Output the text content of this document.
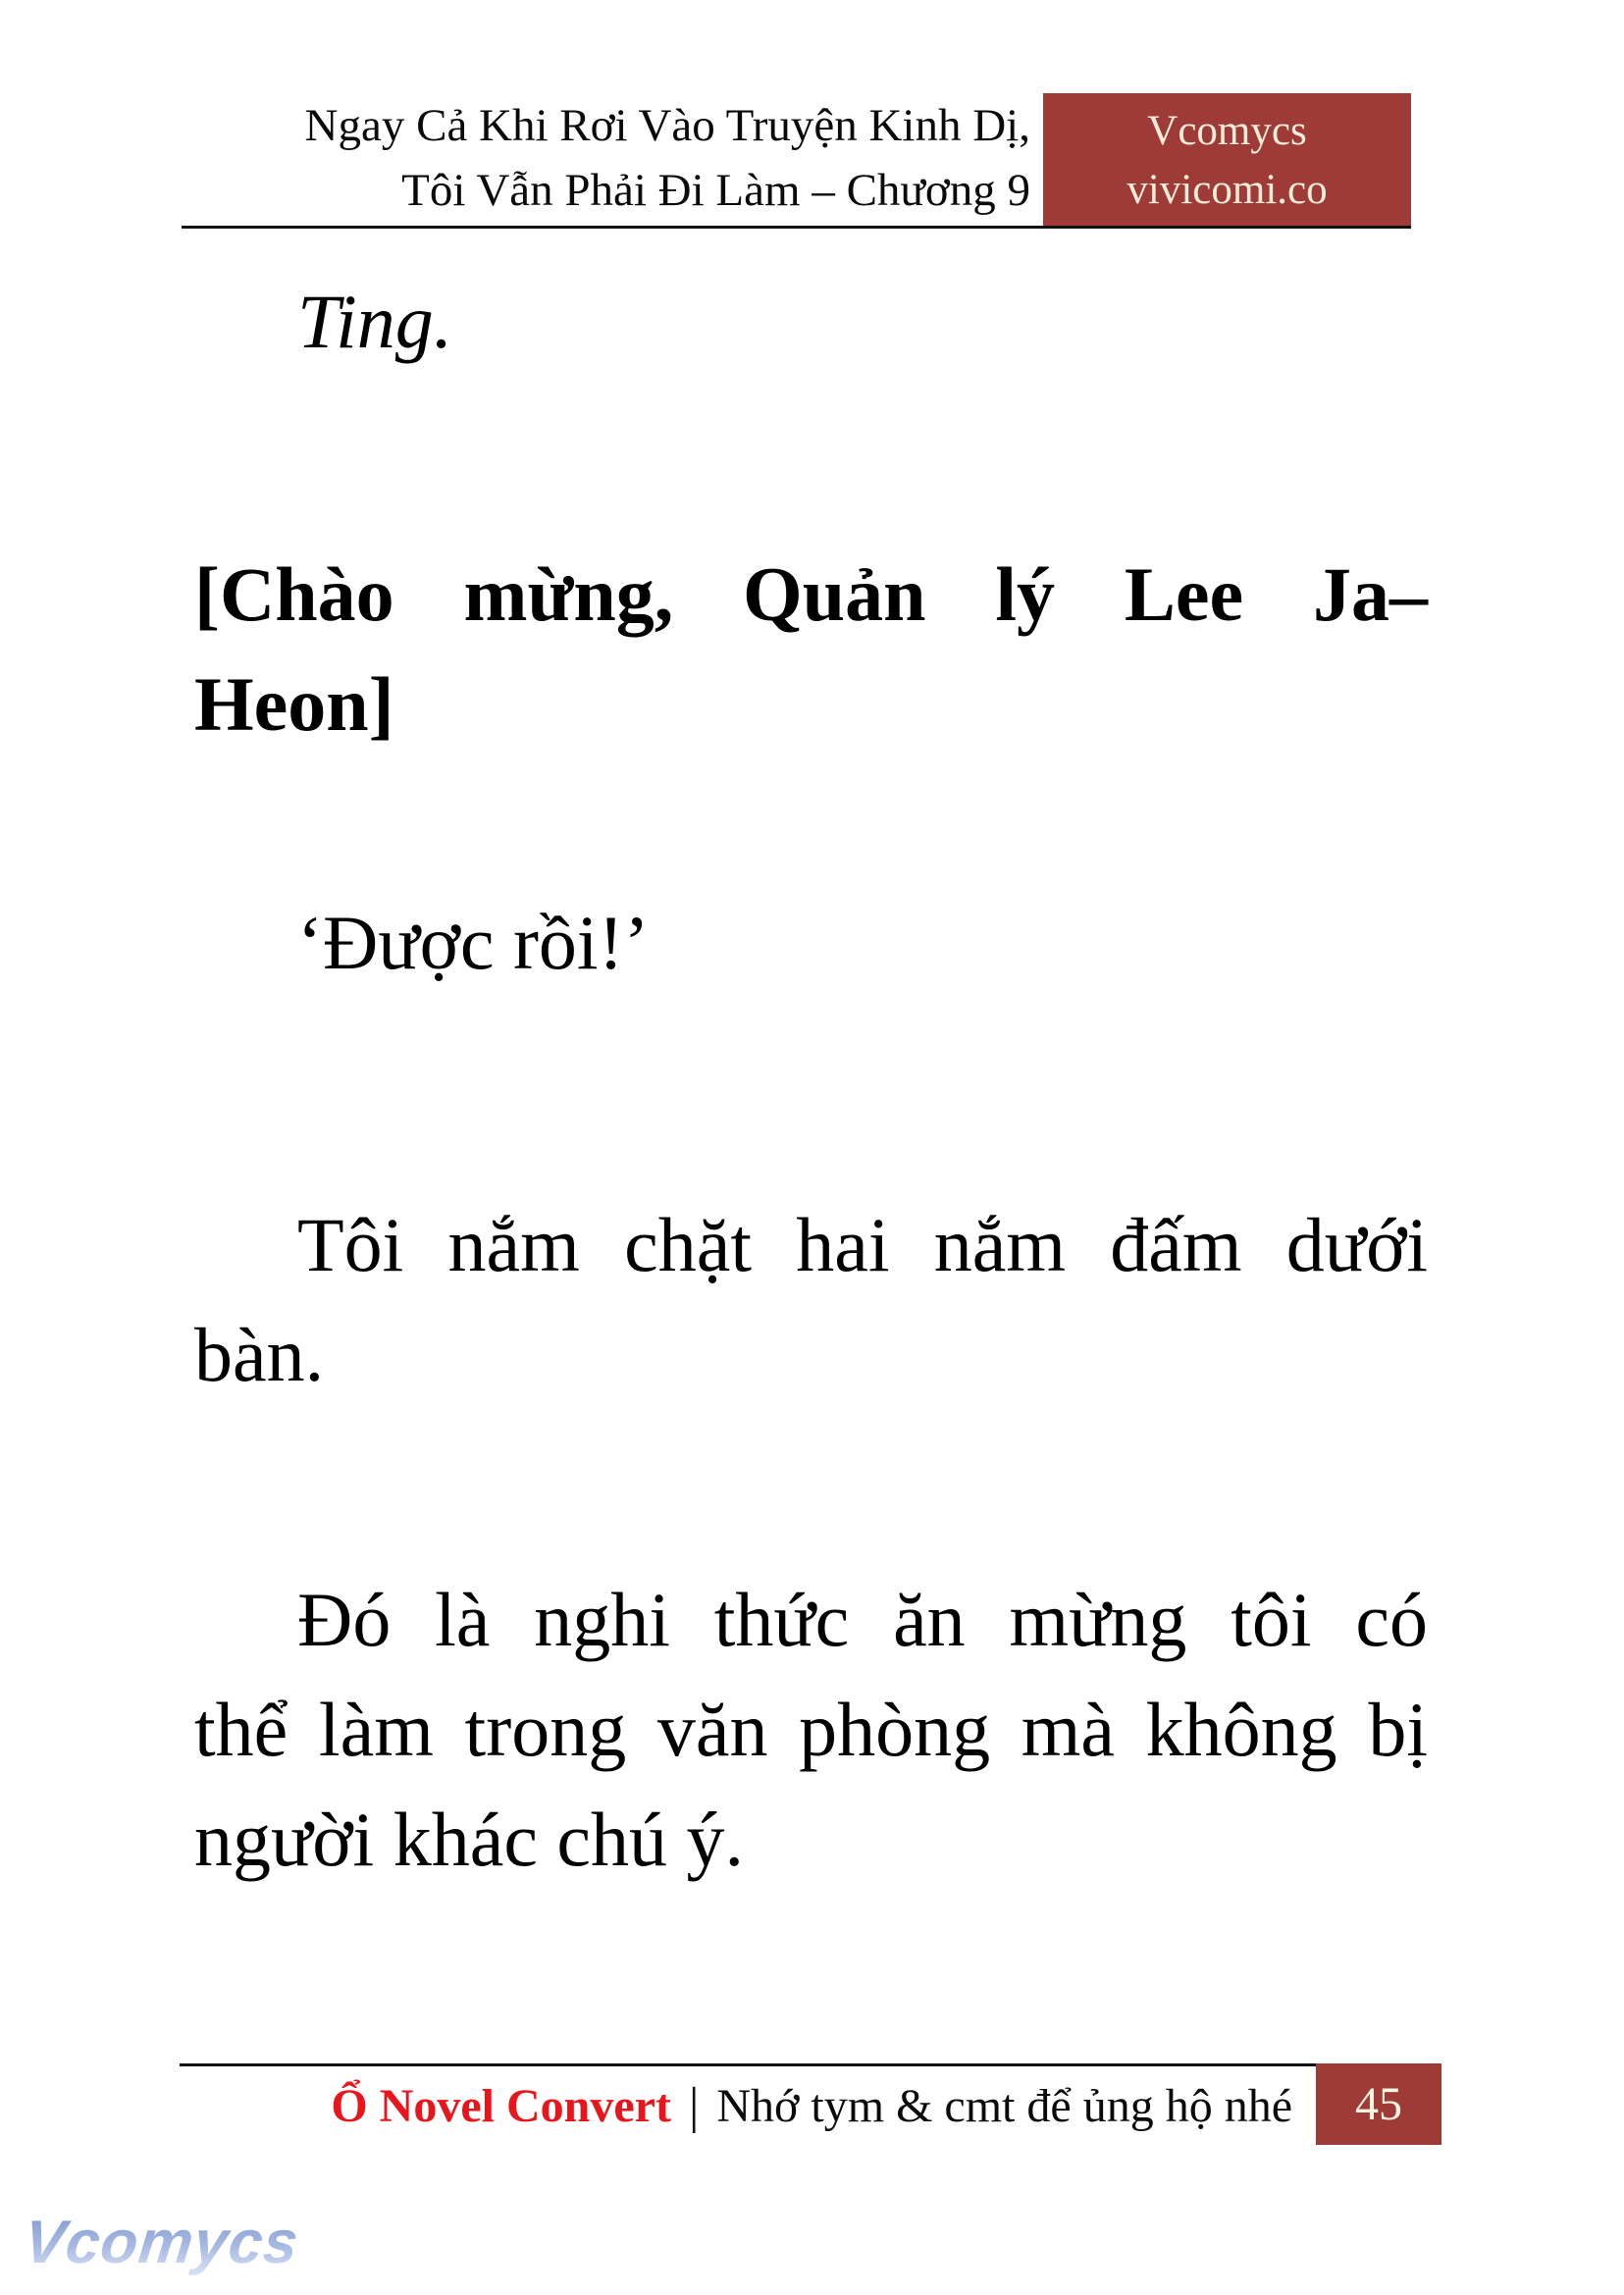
Ngay Cả Khi Rơi Vào Truyện Kinh Dị,
Tôi Vẫn Phải Đi Làm – Chương 9
Vcomycs
vivicomi.co
Ting.
[Chào mừng, Quản lý Lee Ja–
Heon]
‘Được rồi!’
Tôi nắm chặt hai nắm đấm dưới
bàn.
Đó là nghi thức ăn mừng tôi có
thể làm trong văn phòng mà không bị
người khác chú ý.
Ổ Novel Convert | Nhớ tym & cmt để ủng hộ nhé 45
Vcomycs
